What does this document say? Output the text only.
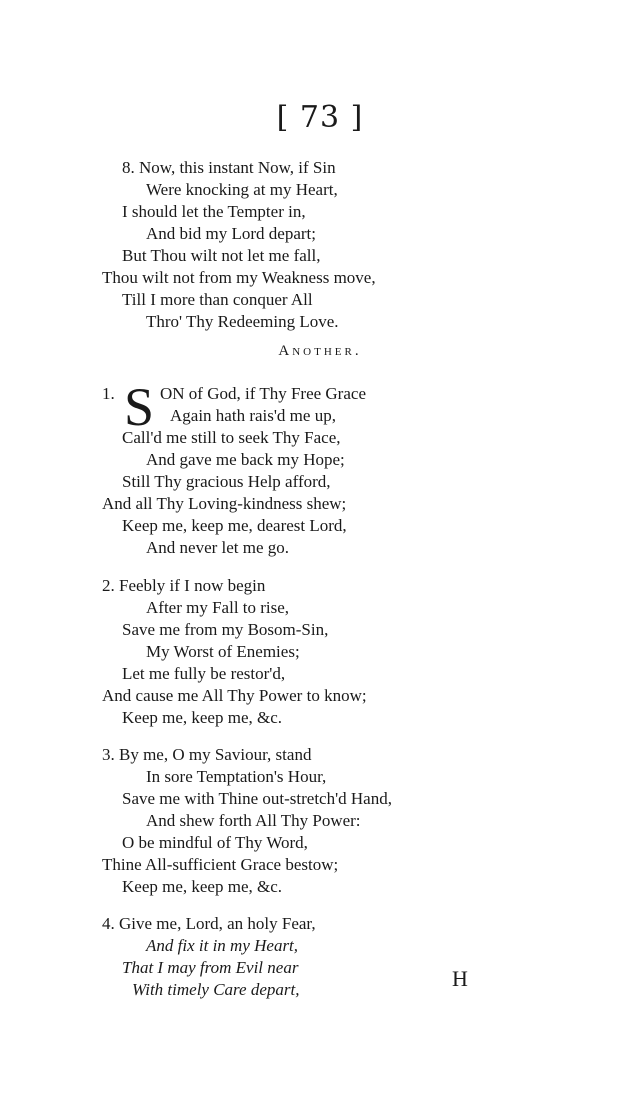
[ 73 ]
8. Now, this instant Now, if Sin
Were knocking at my Heart,
I should let the Tempter in,
And bid my Lord depart;
But Thou wilt not let me fall,
Thou wilt not from my Weakness move,
Till I more than conquer All
Thro' Thy Redeeming Love.
Another.
1. S ON of God, if Thy Free Grace
Again hath rais'd me up,
Call'd me still to seek Thy Face,
And gave me back my Hope;
Still Thy gracious Help afford,
And all Thy Loving-kindness shew;
Keep me, keep me, dearest Lord,
And never let me go.
2. Feebly if I now begin
After my Fall to rise,
Save me from my Bosom-Sin,
My Worst of Enemies;
Let me fully be restor'd,
And cause me All Thy Power to know;
Keep me, keep me, &c.
3. By me, O my Saviour, stand
In sore Temptation's Hour,
Save me with Thine out-stretch'd Hand,
And shew forth All Thy Power:
O be mindful of Thy Word,
Thine All-sufficient Grace bestow;
Keep me, keep me, &c.
4. Give me, Lord, an holy Fear,
And fix it in my Heart,
That I may from Evil near
With timely Care depart,	H
